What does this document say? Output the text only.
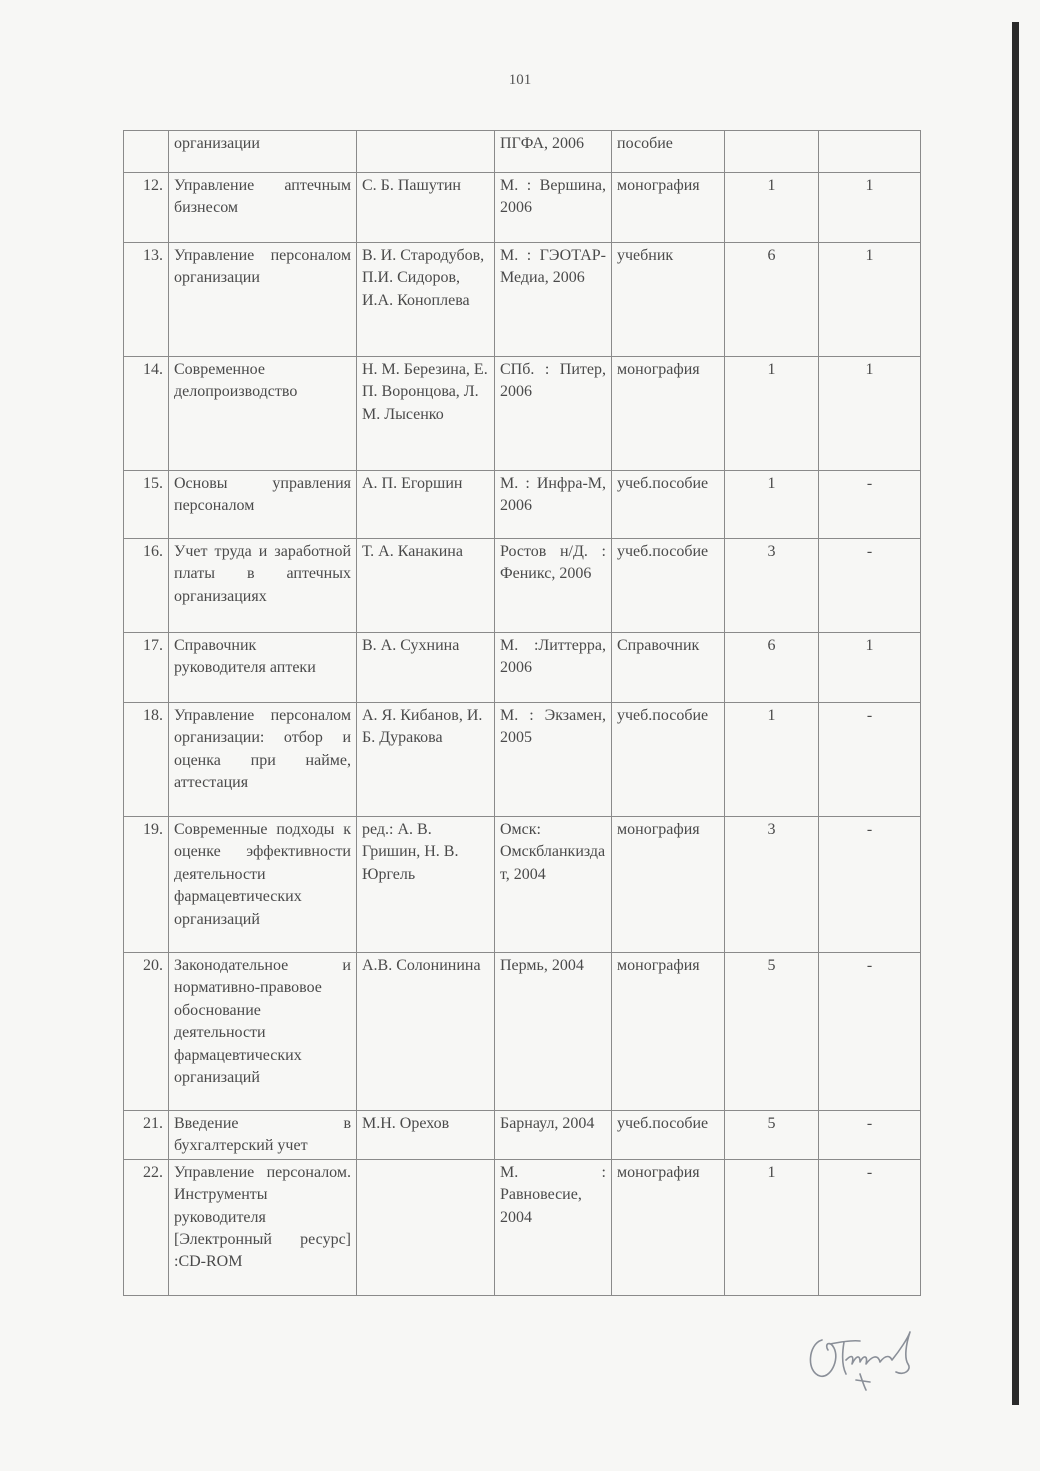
101
	организации		ПГФА, 2006	пособие		
12.	Управление аптечным бизнесом	С. Б. Пашутин	М. : Вершина, 2006	монография	1	1
13.	Управление персоналом организации	В. И. Стародубов, П.И. Сидоров, И.А. Коноплева	М. : ГЭОТАР-Медиа, 2006	учебник	6	1
14.	Современное делопроизводство	Н. М. Березина, Е. П. Воронцова, Л. М. Лысенко	СПб. : Питер, 2006	монография	1	1
15.	Основы управления персоналом	А. П. Егоршин	М. : Инфра-М, 2006	учеб.пособие	1	-
16.	Учет труда и заработной платы в аптечных организациях	Т. А. Канакина	Ростов н/Д. : Феникс, 2006	учеб.пособие	3	-
17.	Справочник руководителя аптеки	В. А. Сухнина	М. :Литтерра, 2006	Справочник	6	1
18.	Управление персоналом организации: отбор и оценка при найме, аттестация	А. Я. Кибанов, И. Б. Дуракова	М. : Экзамен, 2005	учеб.пособие	1	-
19.	Современные подходы к оценке эффективности деятельности фармацевтических организаций	ред.: А. В. Гришин, Н. В. Юргель	Омск: Омскбланкиздат, 2004	монография	3	-
20.	Законодательное и нормативно-правовое обоснование деятельности фармацевтических организаций	А.В. Солонинина	Пермь, 2004	монография	5	-
21.	Введение в бухгалтерский учет	М.Н. Орехов	Барнаул, 2004	учеб.пособие	5	-
22.	Управление персоналом. Инструменты руководителя [Электронный ресурс] :CD-ROM		М. : Равновесие, 2004	монография	1	-
